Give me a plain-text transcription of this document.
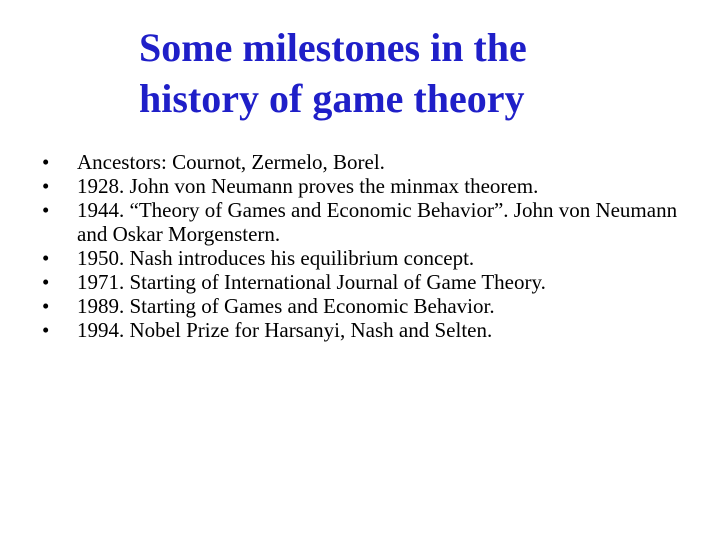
Some milestones in the
history of game theory
• Ancestors: Cournot, Zermelo, Borel.
• 1928. John von Neumann proves the minmax theorem.
• 1944. “Theory of Games and Economic Behavior”. John von Neumann and Oskar Morgenstern.
• 1950. Nash introduces his equilibrium concept.
• 1971. Starting of International Journal of Game Theory.
• 1989. Starting of Games and Economic Behavior.
• 1994. Nobel Prize for Harsanyi, Nash and Selten.
